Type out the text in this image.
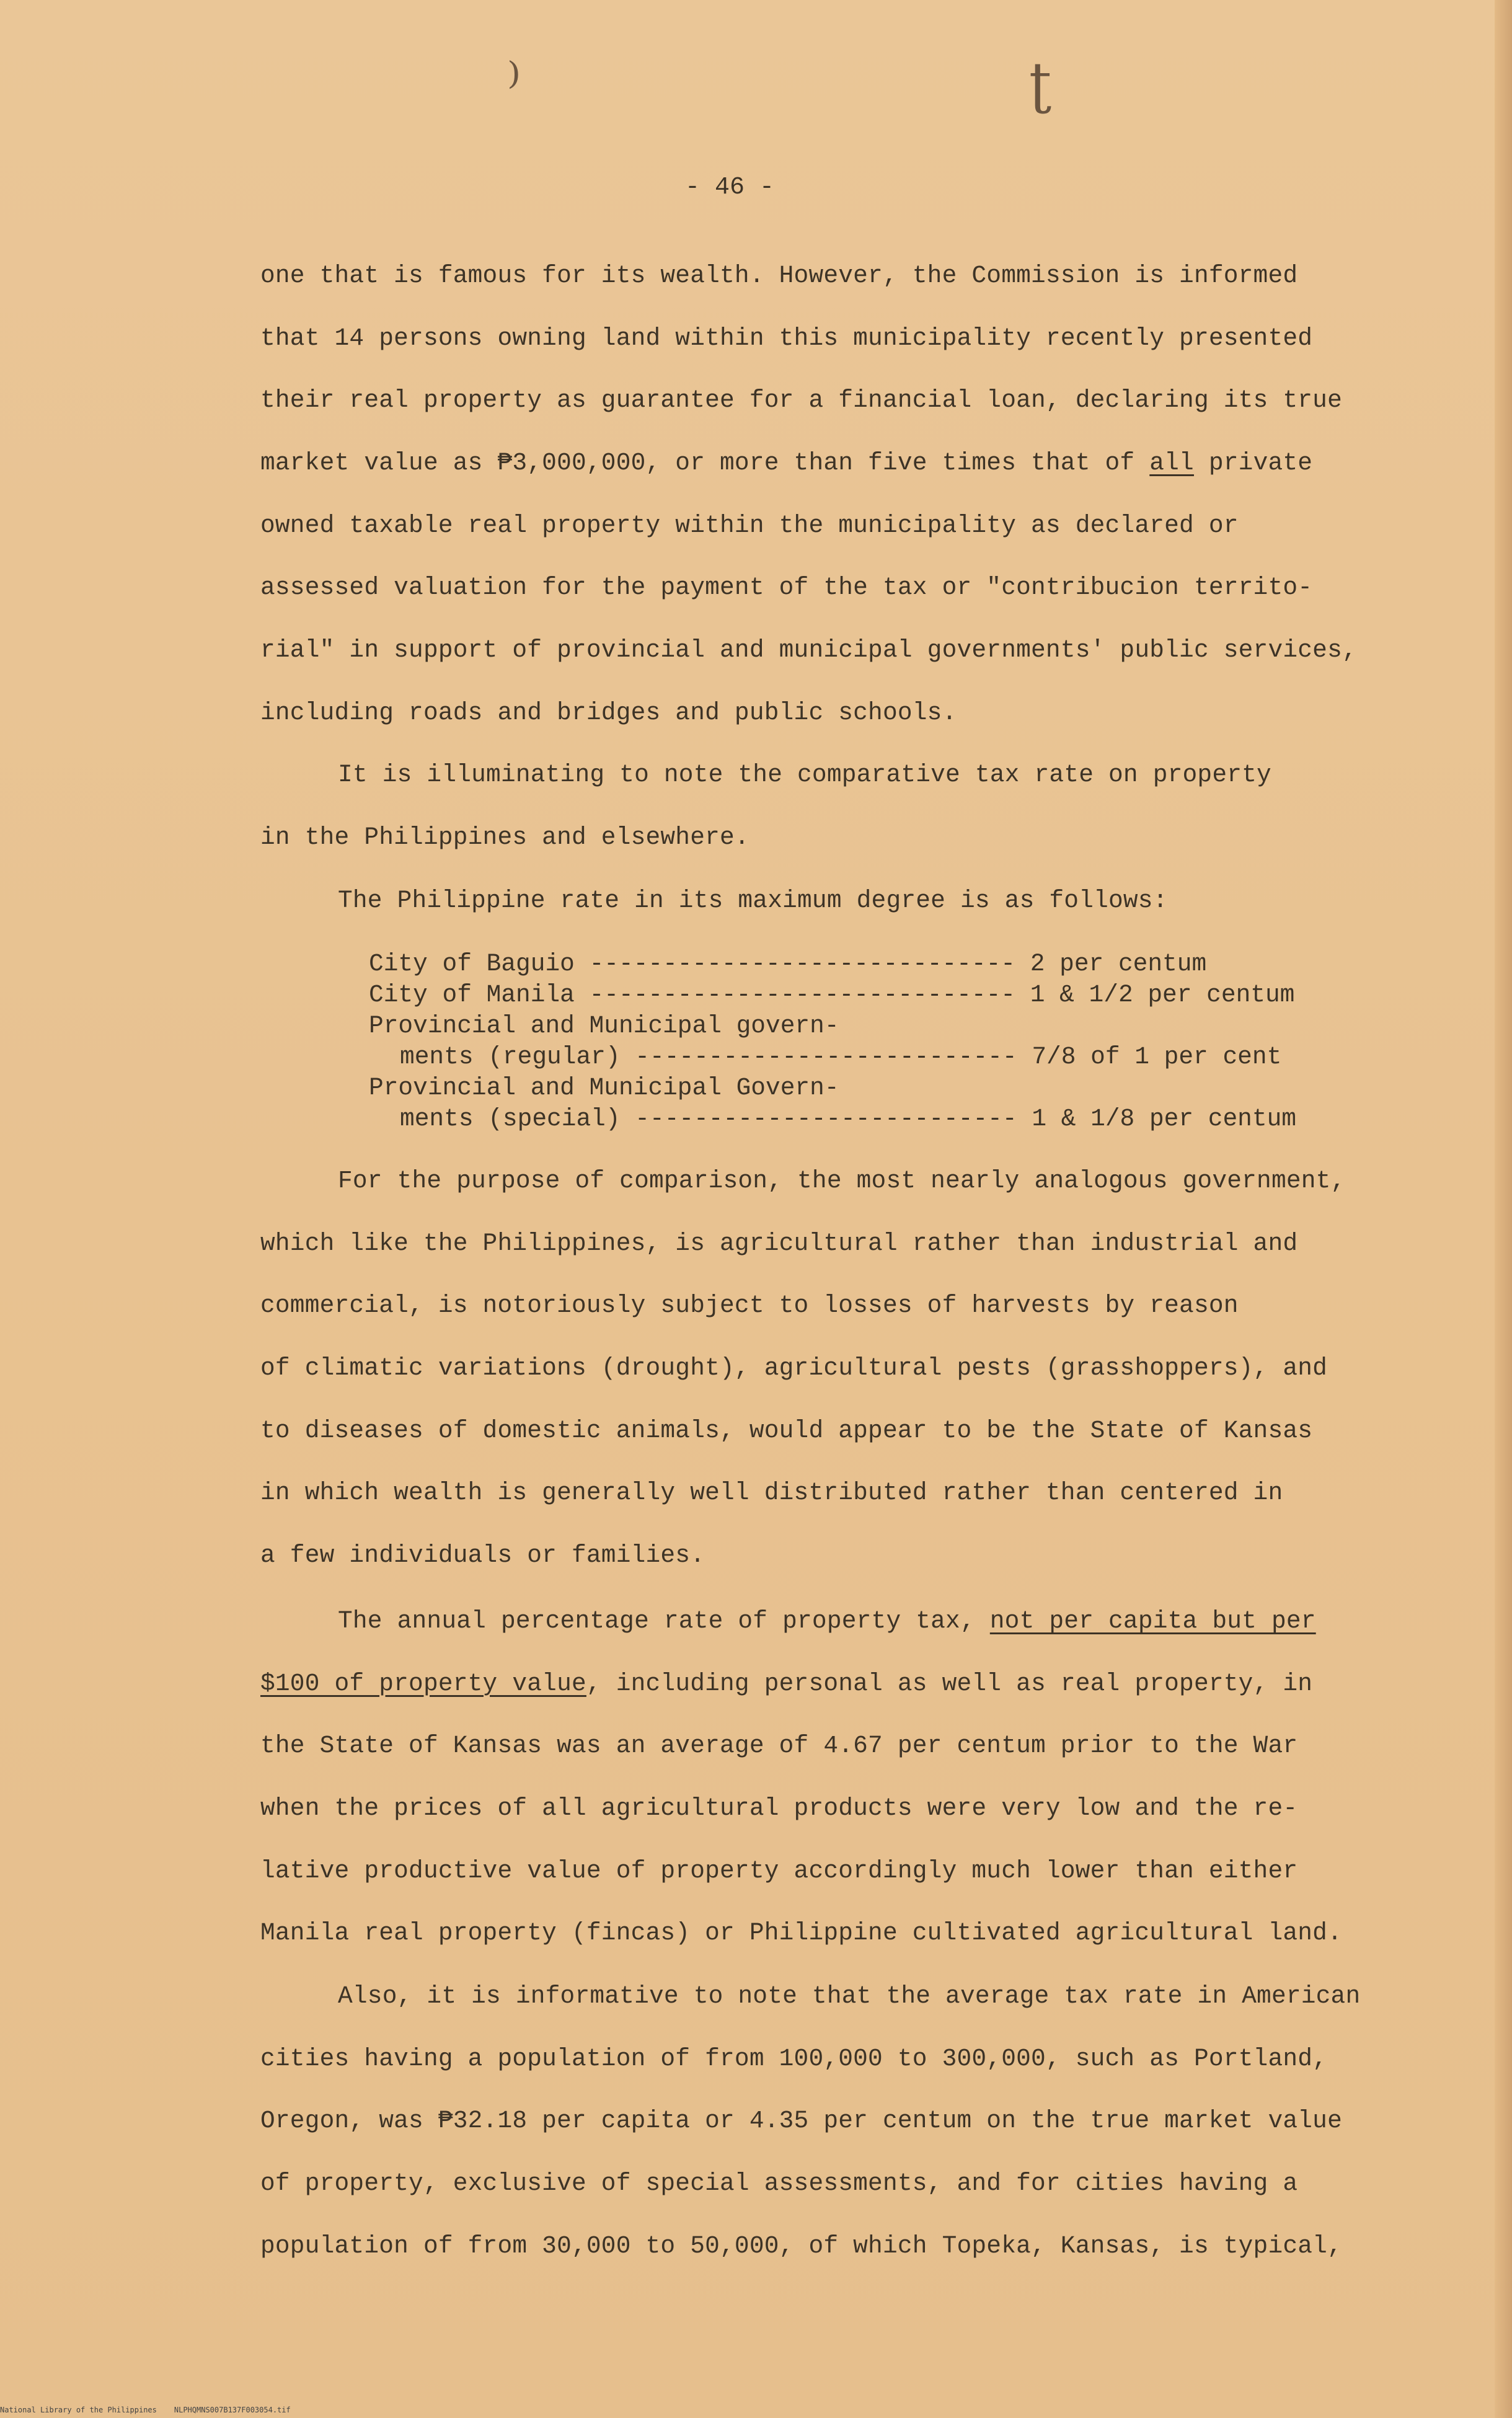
⁾	ʈ
- 46 -
one that is famous for its wealth. However, the Commission is informed
that 14 persons owning land within this municipality recently presented
their real property as guarantee for a financial loan, declaring its true
market value as ₱3,000,000, or more than five times that of all private
owned taxable real property within the municipality as declared or
assessed valuation for the payment of the tax or "contribucion territo-
rial" in support of provincial and municipal governments' public services,
including roads and bridges and public schools.
It is illuminating to note the comparative tax rate on property
in the Philippines and elsewhere.
The Philippine rate in its maximum degree is as follows:
City of Baguio ----------------------------- 2 per centum
City of Manila ----------------------------- 1 & 1/2 per centum
Provincial and Municipal govern-
ments (regular) -------------------------- 7/8 of 1 per cent
Provincial and Municipal Govern-
ments (special) -------------------------- 1 & 1/8 per centum
For the purpose of comparison, the most nearly analogous government,
which like the Philippines, is agricultural rather than industrial and
commercial, is notoriously subject to losses of harvests by reason
of climatic variations (drought), agricultural pests (grasshoppers), and
to diseases of domestic animals, would appear to be the State of Kansas
in which wealth is generally well distributed rather than centered in
a few individuals or families.
The annual percentage rate of property tax, not per capita but per
$100 of property value, including personal as well as real property, in
the State of Kansas was an average of 4.67 per centum prior to the War
when the prices of all agricultural products were very low and the re-
lative productive value of property accordingly much lower than either
Manila real property (fincas) or Philippine cultivated agricultural land.
Also, it is informative to note that the average tax rate in American
cities having a population of from 100,000 to 300,000, such as Portland,
Oregon, was ₱32.18 per capita or 4.35 per centum on the true market value
of property, exclusive of special assessments, and for cities having a
population of from 30,000 to 50,000, of which Topeka, Kansas, is typical,
National Library of the Philippines NLPHQMNS007B137F003054.tif
